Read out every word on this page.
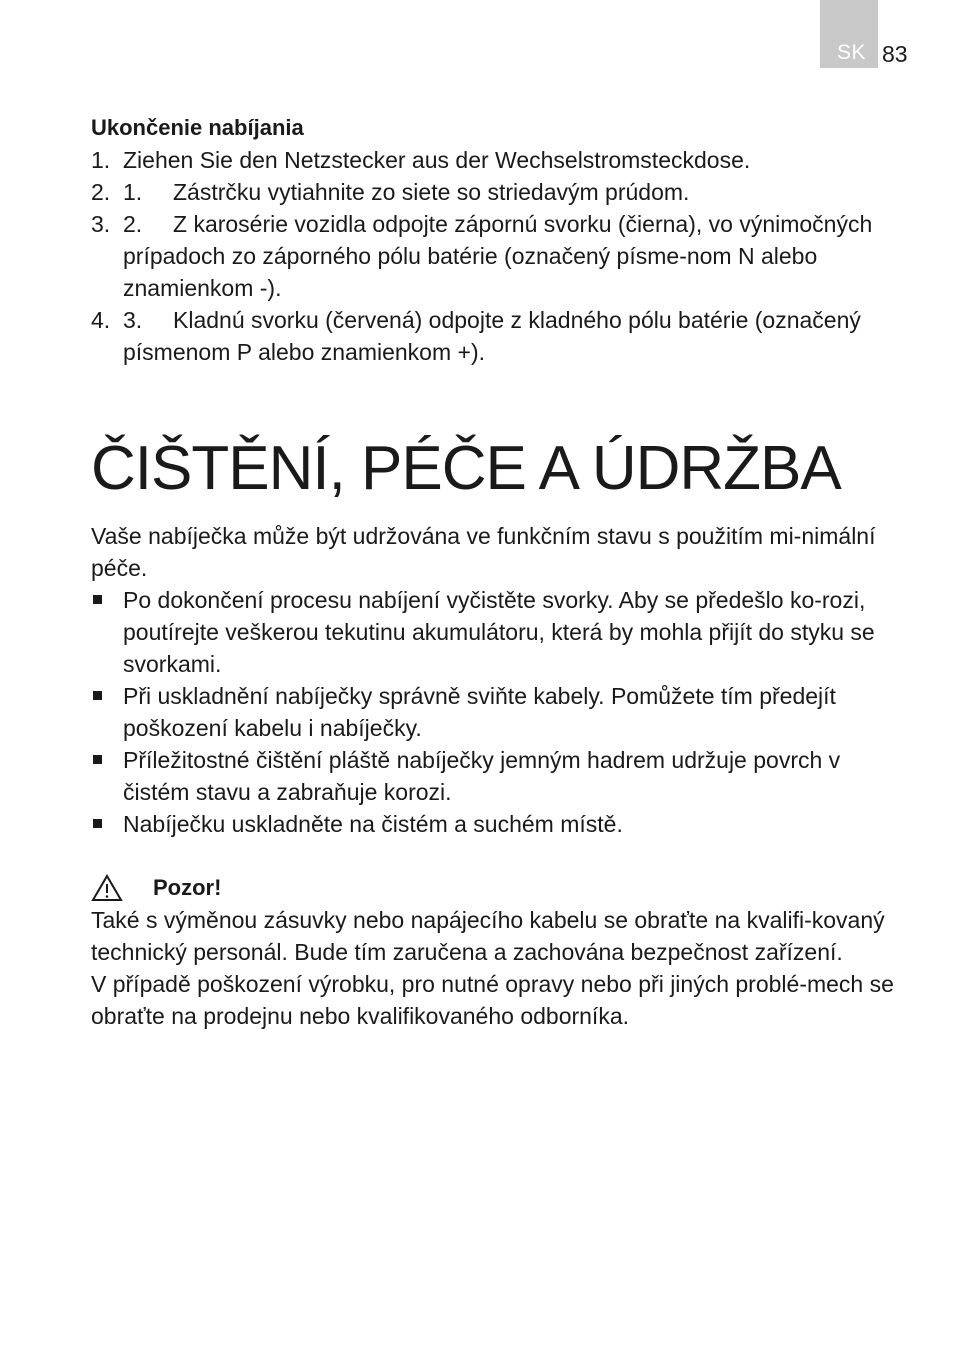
SK 83
Ukončenie nabíjania
1. Ziehen Sie den Netzstecker aus der Wechselstromsteckdose.
2. 1. Zástrčku vytiahnite zo siete so striedavým prúdom.
3. 2. Z karosérie vozidla odpojte zápornú svorku (čierna), vo výnimočných prípadoch zo záporného pólu batérie (označený písme-nom N alebo znamienkom -).
4. 3. Kladnú svorku (červená) odpojte z kladného pólu batérie (označený písmenom P alebo znamienkom +).
ČIŠTĚNÍ, PÉČE A ÚDRŽBA

Vaše nabíječka může být udržována ve funkčním stavu s použitím mi-nimální péče.

Po dokončení procesu nabíjení vyčistěte svorky. Aby se předešlo ko-rozi, poutírejte veškerou tekutinu akumulátoru, která by mohla přijít do styku se svorkami.
Při uskladnění nabíječky správně sviňte kabely. Pomůžete tím předejít poškození kabelu i nabíječky.
Příležitostné čištění pláště nabíječky jemným hadrem udržuje povrch v čistém stavu a zabraňuje korozi.
Nabíječku uskladněte na čistém a suchém místě.
Pozor!

Také s výměnou zásuvky nebo napájecího kabelu se obraťte na kvalifi-kovaný technický personál. Bude tím zaručena a zachována bezpečnost zařízení.

V případě poškození výrobku, pro nutné opravy nebo při jiných problé-mech se obraťte na prodejnu nebo kvalifikovaného odborníka.
